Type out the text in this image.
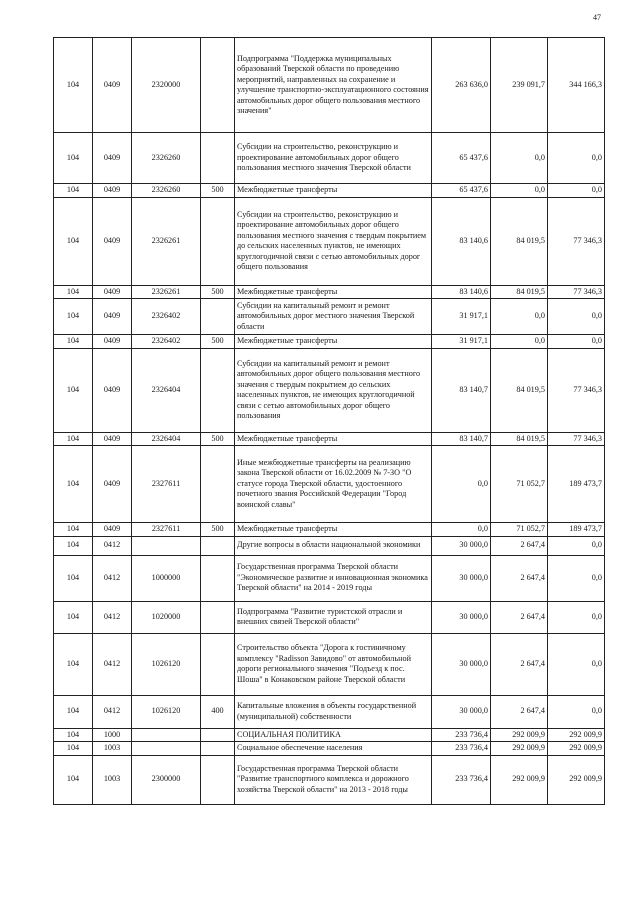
47
104	0409	2320000		Подпрограмма "Поддержка муниципальных образований Тверской области по проведению мероприятий, направленных на сохранение и улучшение транспортно-эксплуатационного состояния автомобильных дорог общего пользования местного значения"	263 636,0	239 091,7	344 166,3
104	0409	2326260		Субсидии на строительство, реконструкцию и проектирование автомобильных дорог общего пользования местного значения Тверской области	65 437,6	0,0	0,0
104	0409	2326260	500	Межбюджетные трансферты	65 437,6	0,0	0,0
104	0409	2326261		Субсидии на строительство, реконструкцию и проектирование автомобильных дорог общего пользования местного значения с твердым покрытием до сельских населенных пунктов, не имеющих круглогодичной связи с сетью автомобильных дорог общего пользования	83 140,6	84 019,5	77 346,3
104	0409	2326261	500	Межбюджетные трансферты	83 140,6	84 019,5	77 346,3
104	0409	2326402		Субсидии на капитальный ремонт и ремонт автомобильных дорог местного значения Тверской области	31 917,1	0,0	0,0
104	0409	2326402	500	Межбюджетные трансферты	31 917,1	0,0	0,0
104	0409	2326404		Субсидии на капитальный ремонт и ремонт автомобильных дорог общего пользования местного значения с твердым покрытием до сельских населенных пунктов, не имеющих круглогодичной связи с сетью автомобильных дорог общего пользования	83 140,7	84 019,5	77 346,3
104	0409	2326404	500	Межбюджетные трансферты	83 140,7	84 019,5	77 346,3
104	0409	2327611		Иные межбюджетные трансферты на реализацию закона Тверской области от 16.02.2009 № 7-ЗО "О статусе города Тверской области, удостоенного почетного звания Российской Федерации "Город воинской славы"	0,0	71 052,7	189 473,7
104	0409	2327611	500	Межбюджетные трансферты	0,0	71 052,7	189 473,7
104	0412			Другие вопросы в области национальной экономики	30 000,0	2 647,4	0,0
104	0412	1000000		Государственная программа Тверской области "Экономическое развитие и инновационная экономика Тверской области" на 2014 - 2019 годы	30 000,0	2 647,4	0,0
104	0412	1020000		Подпрограмма "Развитие туристской отрасли и внешних связей Тверской области"	30 000,0	2 647,4	0,0
104	0412	1026120		Строительство объекта "Дорога к гостиничному комплексу "Radisson Завидово" от автомобильной дороги регионального значения "Подъезд к пос. Шоша" в Конаковском районе Тверской области	30 000,0	2 647,4	0,0
104	0412	1026120	400	Капитальные вложения в объекты государственной (муниципальной) собственности	30 000,0	2 647,4	0,0
104	1000			СОЦИАЛЬНАЯ ПОЛИТИКА	233 736,4	292 009,9	292 009,9
104	1003			Социальное обеспечение населения	233 736,4	292 009,9	292 009,9
104	1003	2300000		Государственная программа Тверской области "Развитие транспортного комплекса и дорожного хозяйства Тверской области" на 2013 - 2018 годы	233 736,4	292 009,9	292 009,9
